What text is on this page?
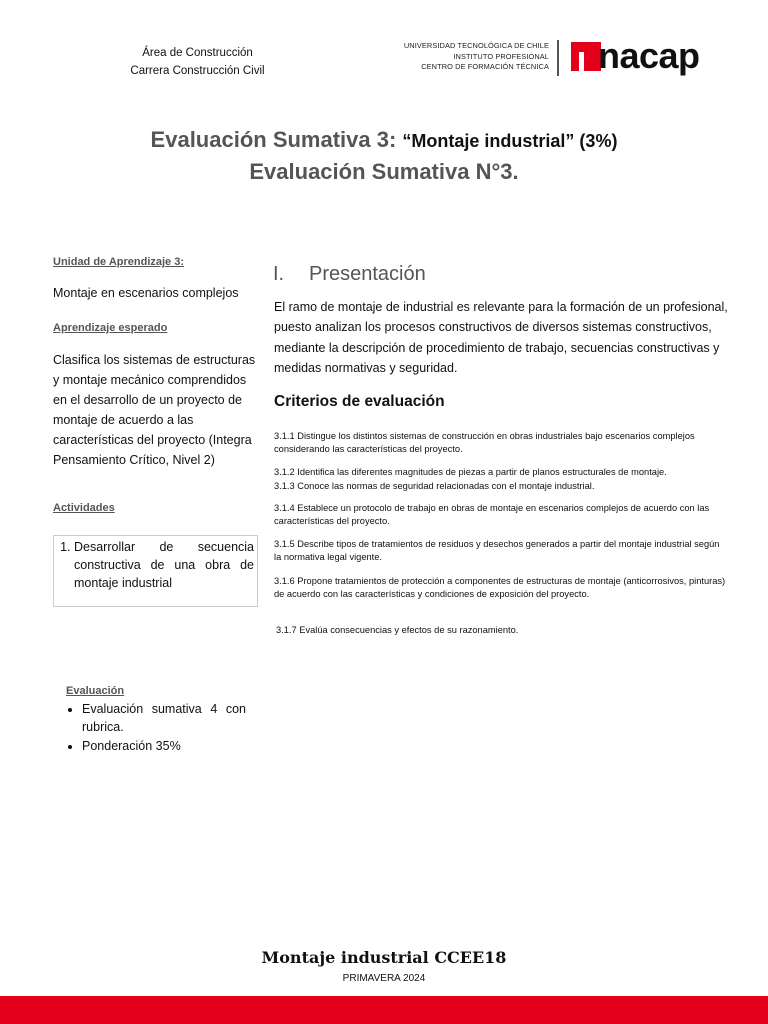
Área de Construcción
Carrera Construcción Civil
UNIVERSIDAD TECNOLÓGICA DE CHILE
INSTITUTO PROFESIONAL
CENTRO DE FORMACIÓN TÉCNICA nacap
Evaluación Sumativa 3: “Montaje industrial” (3%)
Evaluación Sumativa N°3.
Unidad de Aprendizaje 3:
Montaje en escenarios complejos
Aprendizaje esperado
Clasifica los sistemas de estructuras y montaje mecánico comprendidos en el desarrollo de un proyecto de montaje de acuerdo a las características del proyecto (Integra Pensamiento Crítico, Nivel 2)
Actividades
1. Desarrollar de secuencia constructiva de una obra de montaje industrial
Evaluación
• Evaluación sumativa 4 con rubrica.
• Ponderación 35%
I. Presentación
El ramo de montaje de industrial es relevante para la formación de un profesional, puesto analizan los procesos constructivos de diversos sistemas constructivos, mediante la descripción de procedimiento de trabajo, secuencias constructivas y medidas normativas y seguridad.
Criterios de evaluación
3.1.1 Distingue los distintos sistemas de construcción en obras industriales bajo escenarios complejos considerando las características del proyecto.
3.1.2 Identifica las diferentes magnitudes de piezas a partir de planos estructurales de montaje.
3.1.3 Conoce las normas de seguridad relacionadas con el montaje industrial.
3.1.4 Establece un protocolo de trabajo en obras de montaje en escenarios complejos de acuerdo con las características del proyecto.
3.1.5 Describe tipos de tratamientos de residuos y desechos generados a partir del montaje industrial según la normativa legal vigente.
3.1.6 Propone tratamientos de protección a componentes de estructuras de montaje (anticorrosivos, pinturas) de acuerdo con las características y condiciones de exposición del proyecto.
3.1.7 Evalúa consecuencias y efectos de su razonamiento.
Montaje industrial CCEE18
PRIMAVERA 2024
